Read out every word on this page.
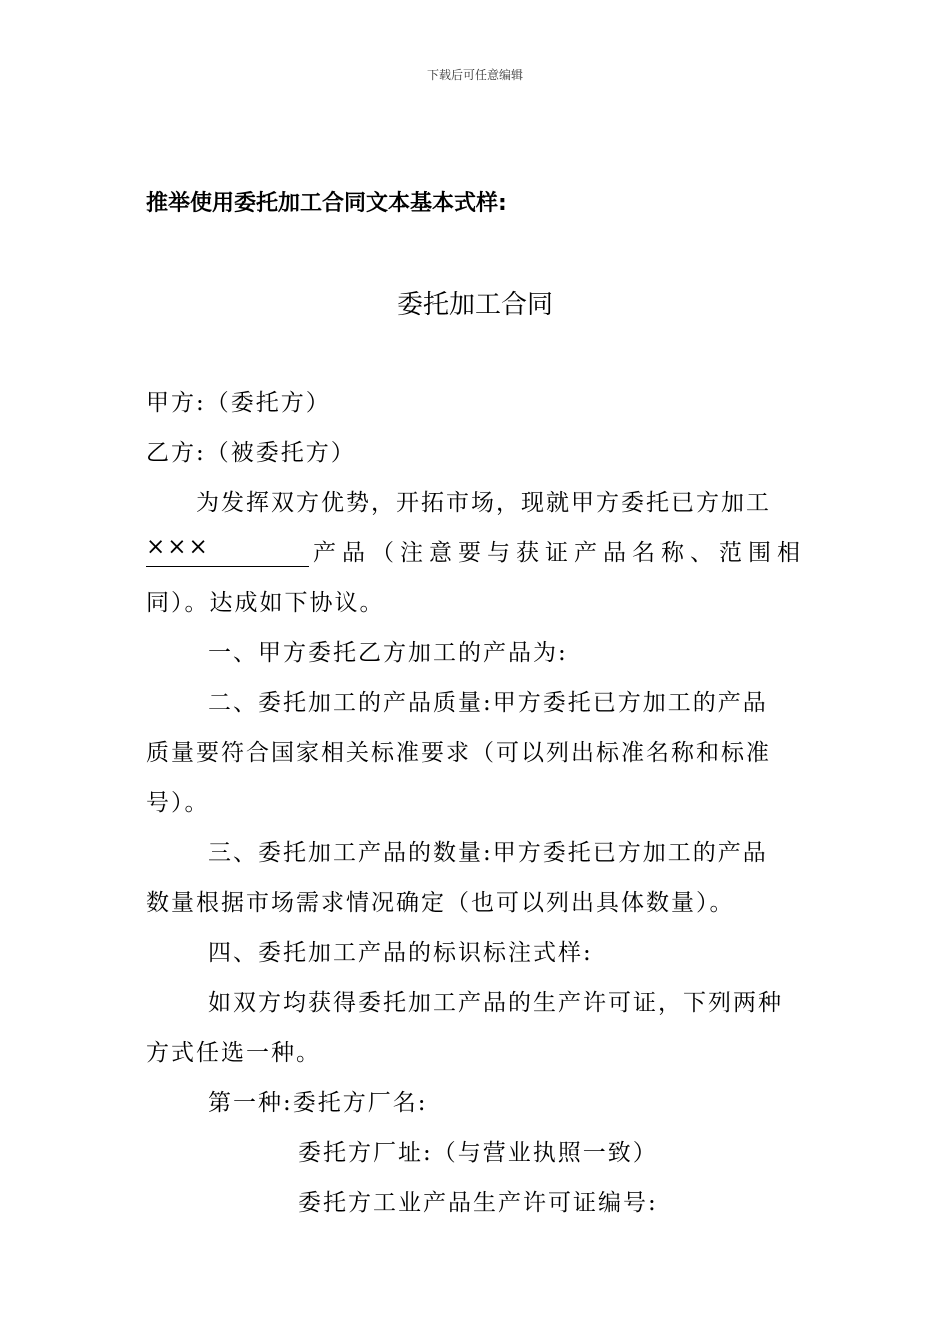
下载后可任意编辑
推举使用委托加工合同文本基本式样:
委托加工合同
甲方:（委托方）
乙方:（被委托方）
为发挥双方优势，开拓市场，现就甲方委托已方加工
×××	产品（注意要与获证产品名称、范围相
同）。达成如下协议。
一、甲方委托乙方加工的产品为:
二、委托加工的产品质量:甲方委托已方加工的产品
质量要符合国家相关标准要求（可以列出标准名称和标准
号）。
三、委托加工产品的数量:甲方委托已方加工的产品
数量根据市场需求情况确定（也可以列出具体数量）。
四、委托加工产品的标识标注式样:
如双方均获得委托加工产品的生产许可证，下列两种
方式任选一种。
第一种:委托方厂名:
委托方厂址:（与营业执照一致）
委托方工业产品生产许可证编号:
